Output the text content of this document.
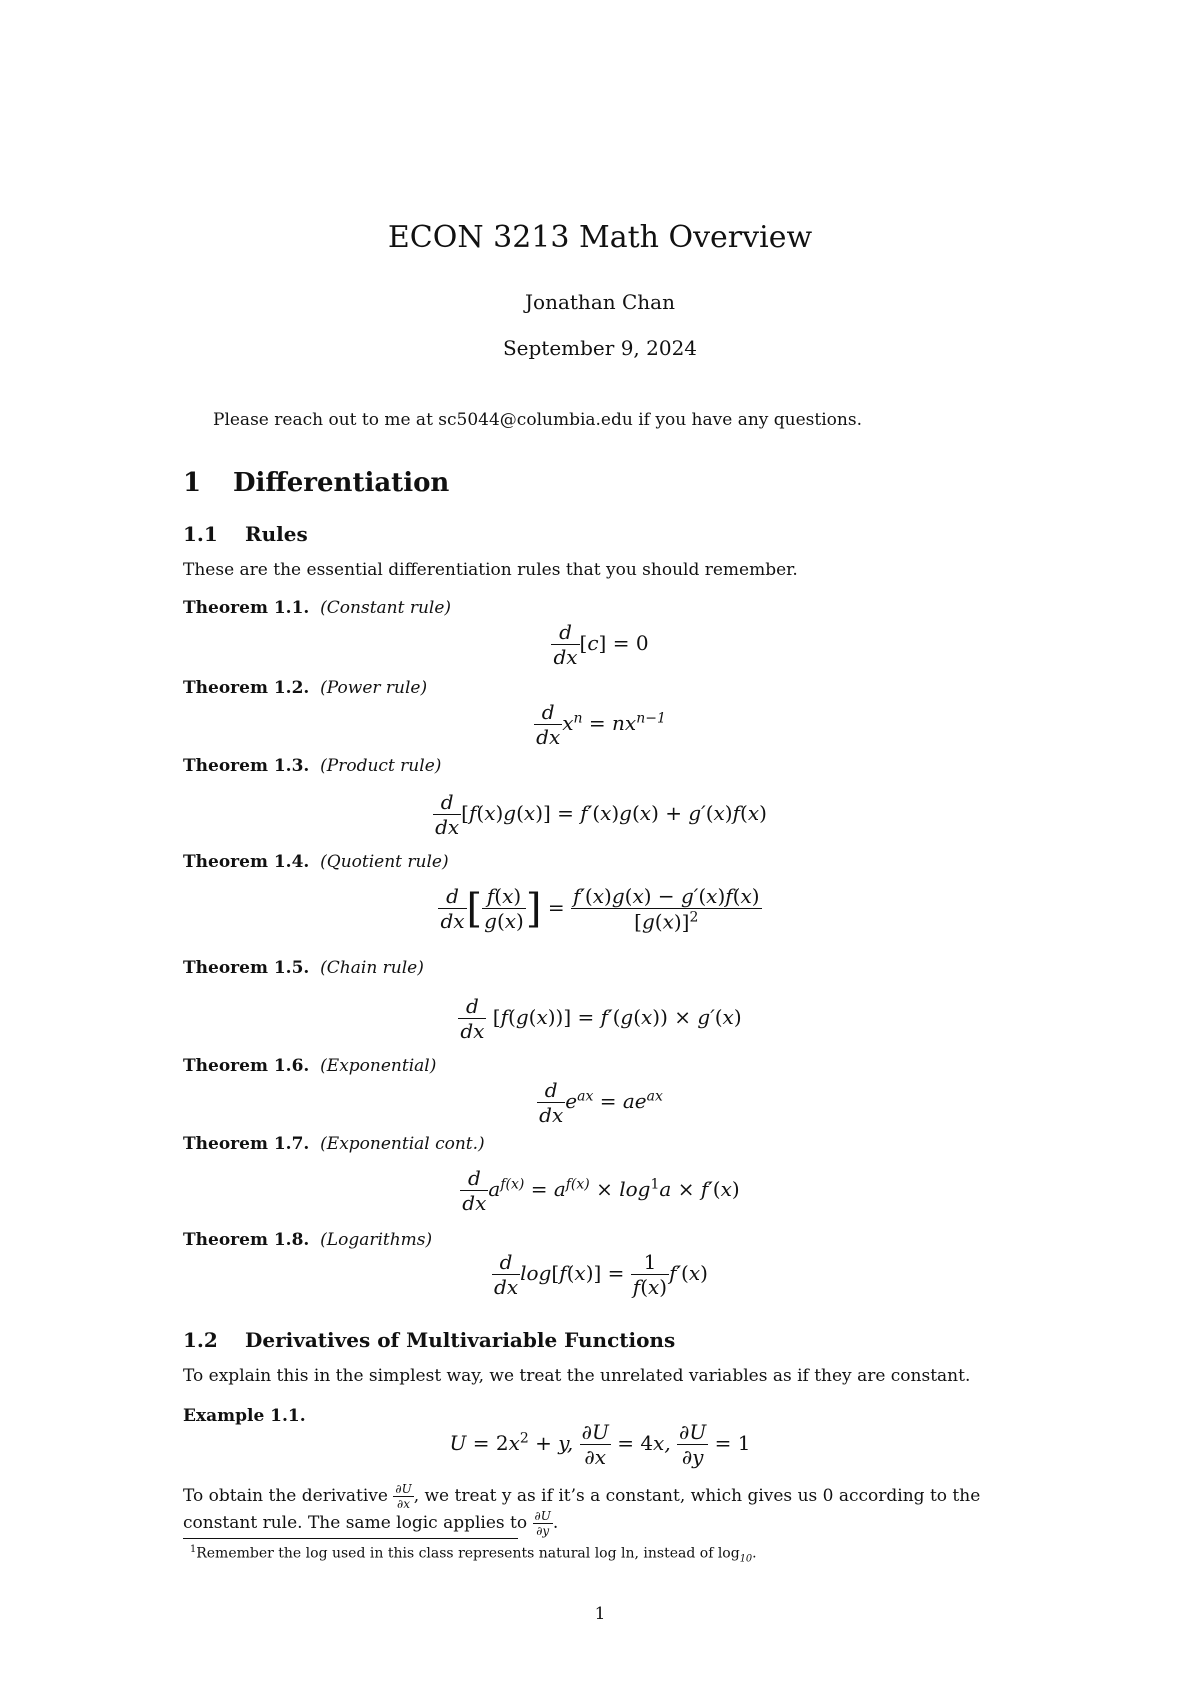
ECON 3213 Math Overview
Jonathan Chan
September 9, 2024
Please reach out to me at sc5044@columbia.edu if you have any questions.
1 Differentiation
1.1 Rules
These are the essential differentiation rules that you should remember.
Theorem 1.1. (Constant rule)
$\frac{d}{dx} [c] = 0$
Theorem 1.2. (Power rule)
$\frac{d}{dx} x^n = nx^{n-1}$
Theorem 1.3. (Product rule)
$\frac{d}{dx} [f(x)g(x)] = f'(x)g(x) + g'(x)f(x)$
Theorem 1.4. (Quotient rule)
$\frac{d}{dx}$ [ $\frac{f(x)}{g(x)}$ ] = $\frac{f'(x)g(x) - g'(x)f(x)}{[g(x)]^2}$
Theorem 1.5. (Chain rule)
$\frac{d}{dx} [f(g(x))] = f'(g(x)) \times g'(x)$
Theorem 1.6. (Exponential)
$\frac{d}{dx} e^{ax} = ae^{ax}$
Theorem 1.7. (Exponential cont.)
$\frac{d}{dx} a^{f(x)} = a^{f(x)} \times \log^1a \times f'(x)$
Theorem 1.8. (Logarithms)
$\frac{d}{dx} \log[f(x)] = \frac{1}{f(x)} f'(x)$
1.2 Derivatives of Multivariable Functions
To explain this in the simplest way, we treat the unrelated variables as if they are constant.
Example 1.1.
$U = 2x^2 + y$, $\frac{\partial U}{\partial x} = 4x$, $\frac{\partial U}{\partial y} = 1$
To obtain the derivative $\frac{\partial U}{\partial x}$ , we treat y as if it’s a constant, which gives us 0 according to the
constant rule. The same logic applies to $\frac{\partial U}{\partial y}$ .
$^1$Remember the log used in this class represents natural log ln, instead of $\log_{10}$.
1
